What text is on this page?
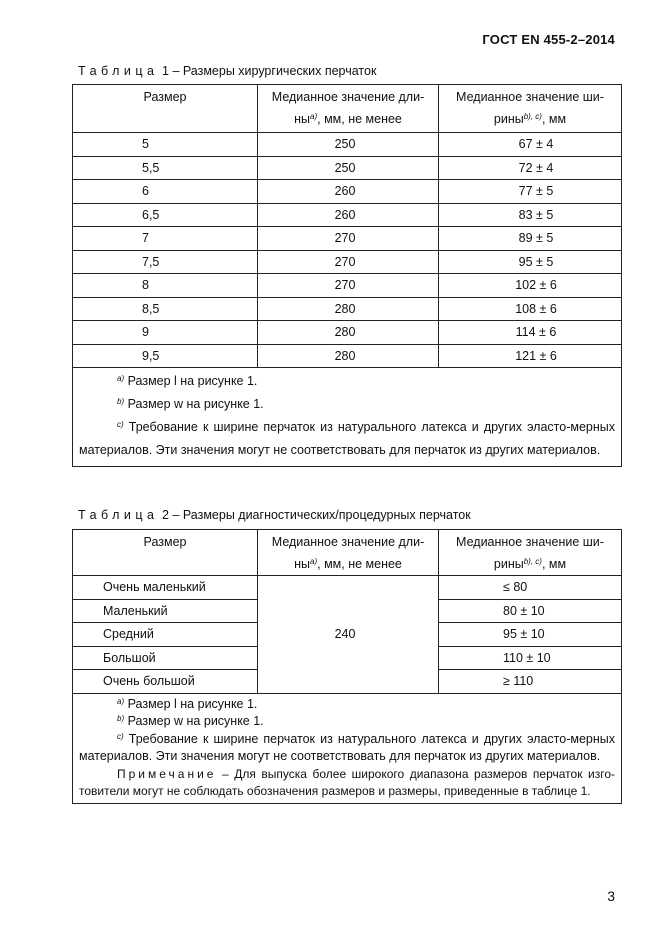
ГОСТ EN 455-2–2014
Таблица 1 – Размеры хирургических перчаток
Размер	Медианное значение дли-
$ны^{а)}$, мм, не менее	Медианное значение ши-
рины$^{b), c)}$, мм
5	250	67 ± 4
5,5	250	72 ± 4
6	260	77 ± 5
6,5	260	83 ± 5
7	270	89 ± 5
7,5	270	95 ± 5
8	270	102 ± 6
8,5	280	108 ± 6
9	280	114 ± 6
9,5	280	121 ± 6

$^{а)}$ Размер l на рисунке 1.

$^{b)}$ Размер w на рисунке 1.

$^{c)}$ Требование к ширине перчаток из натурального латекса и других эласто-мерных материалов. Эти значения могут не соответствовать для перчаток из других материалов.		

Таблица 2 – Размеры диагностических/процедурных перчаток
Размер	Медианное значение дли-
$ны^{а)}$, мм, не менее	Медианное значение ши-
рины$^{b), c)}$, мм
Очень маленький	240	≤ 80
Маленький		80 ± 10
Средний		95 ± 10
Большой		110 ± 10
Очень большой		≥ 110

$^{а)}$ Размер l на рисунке 1.

$^{b)}$ Размер w на рисунке 1.

$^{c)}$ Требование к ширине перчаток из натурального латекса и других эласто-мерных материалов. Эти значения могут не соответствовать для перчаток из других материалов.

Примечание – Для выпуска более широкого диапазона размеров перчаток изго-товители могут не соблюдать обозначения размеров и размеры, приведенные в таблице 1.		

3
